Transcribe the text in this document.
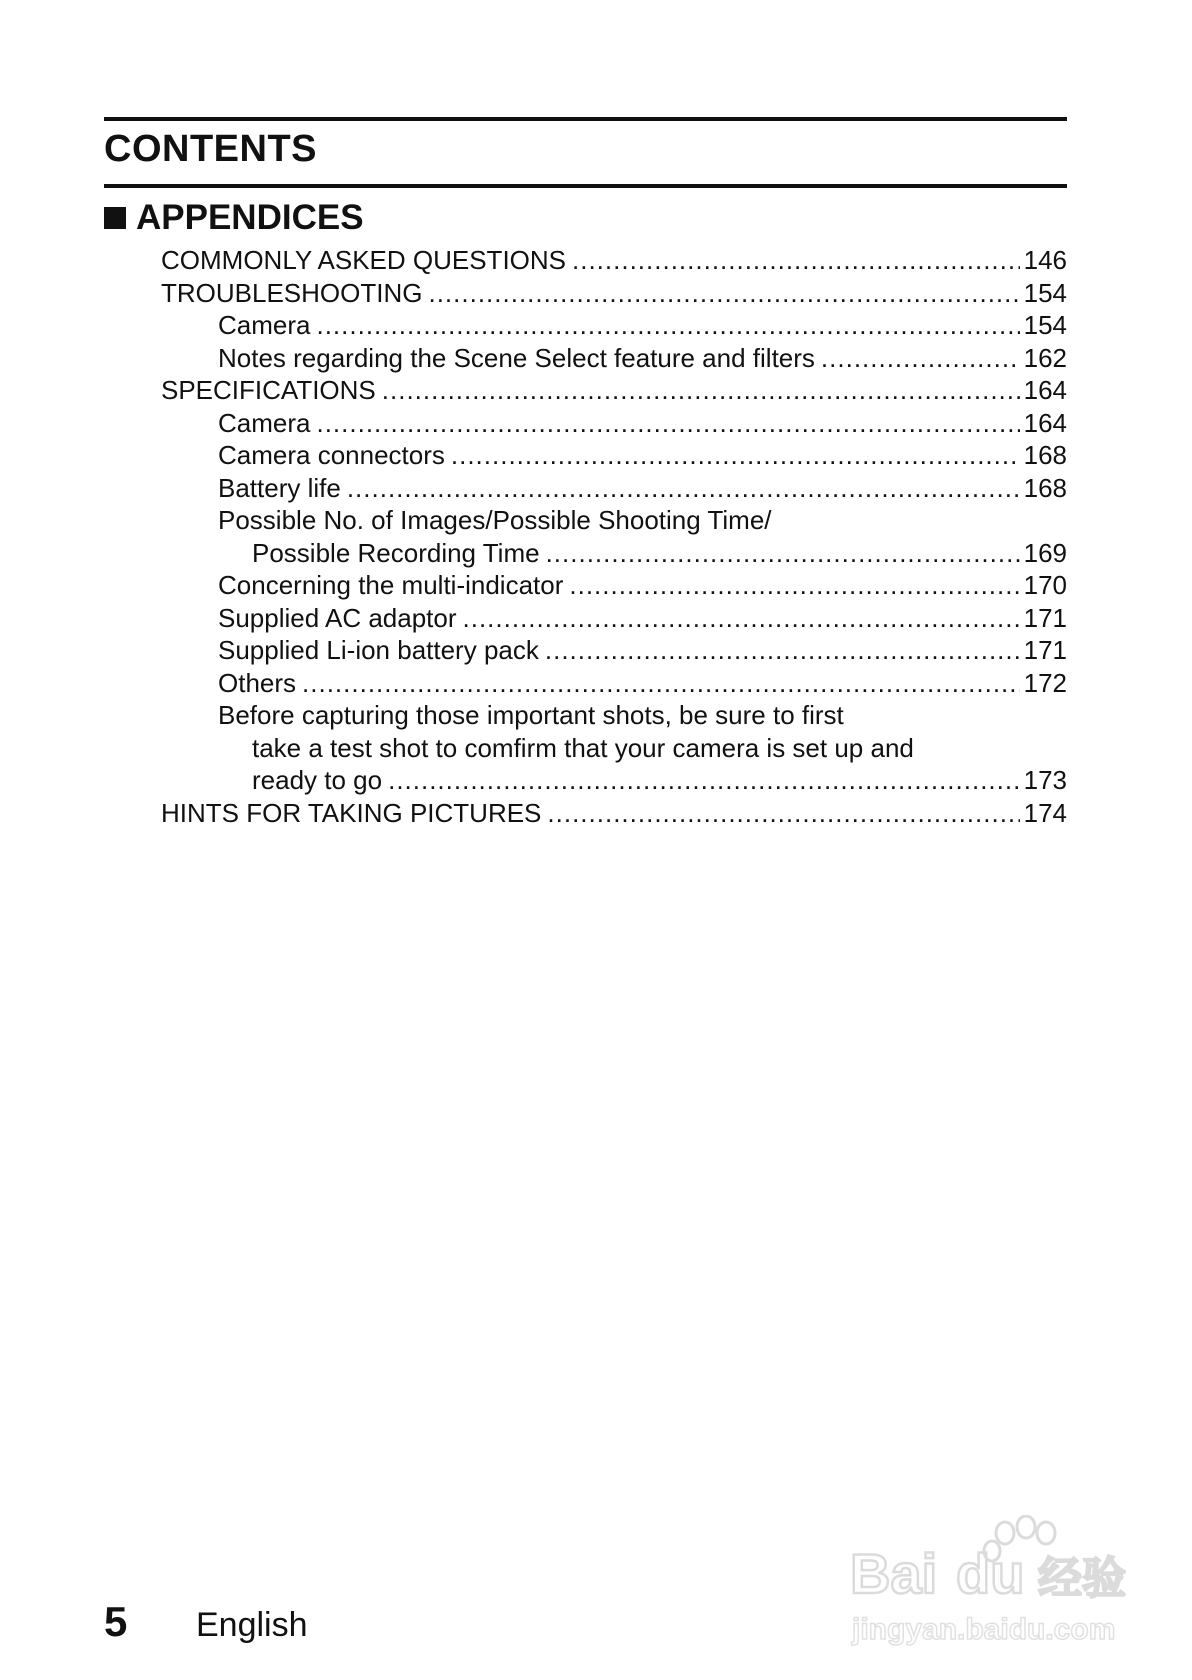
CONTENTS
APPENDICES
COMMONLY ASKED QUESTIONS .....	146
TROUBLESHOOTING .....	154
Camera .....	154
Notes regarding the Scene Select feature and filters .....	162
SPECIFICATIONS .....	164
Camera .....	164
Camera connectors .....	168
Battery life .....	168
Possible No. of Images/Possible Shooting Time/
Possible Recording Time .....	169
Concerning the multi-indicator .....	170
Supplied AC adaptor .....	171
Supplied Li-ion battery pack .....	171
Others .....	172
Before capturing those important shots, be sure to first
take a test shot to comfirm that your camera is set up and
ready to go .....	173
HINTS FOR TAKING PICTURES .....	174
5 English
Bai du 经验
jingyan.baidu.com
